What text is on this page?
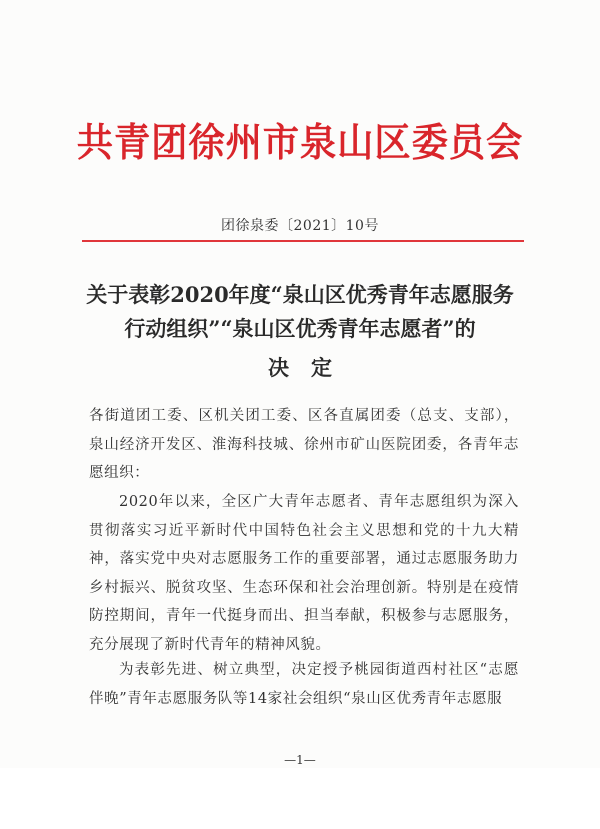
共青团徐州市泉山区委员会
团徐泉委〔2021〕10号
关于表彰2020年度“泉山区优秀青年志愿服务
行动组织”“泉山区优秀青年志愿者”的
决定
各街道团工委、区机关团工委、区各直属团委（总支、支部），泉山经济开发区、淮海科技城、徐州市矿山医院团委，各青年志愿组织：
2020年以来，全区广大青年志愿者、青年志愿组织为深入贯彻落实习近平新时代中国特色社会主义思想和党的十九大精神，落实党中央对志愿服务工作的重要部署，通过志愿服务助力乡村振兴、脱贫攻坚、生态环保和社会治理创新。特别是在疫情防控期间，青年一代挺身而出、担当奉献，积极参与志愿服务，充分展现了新时代青年的精神风貌。
为表彰先进、树立典型，决定授予桃园街道西村社区“志愿伴晚”青年志愿服务队等14家社会组织“泉山区优秀青年志愿服
—1—
